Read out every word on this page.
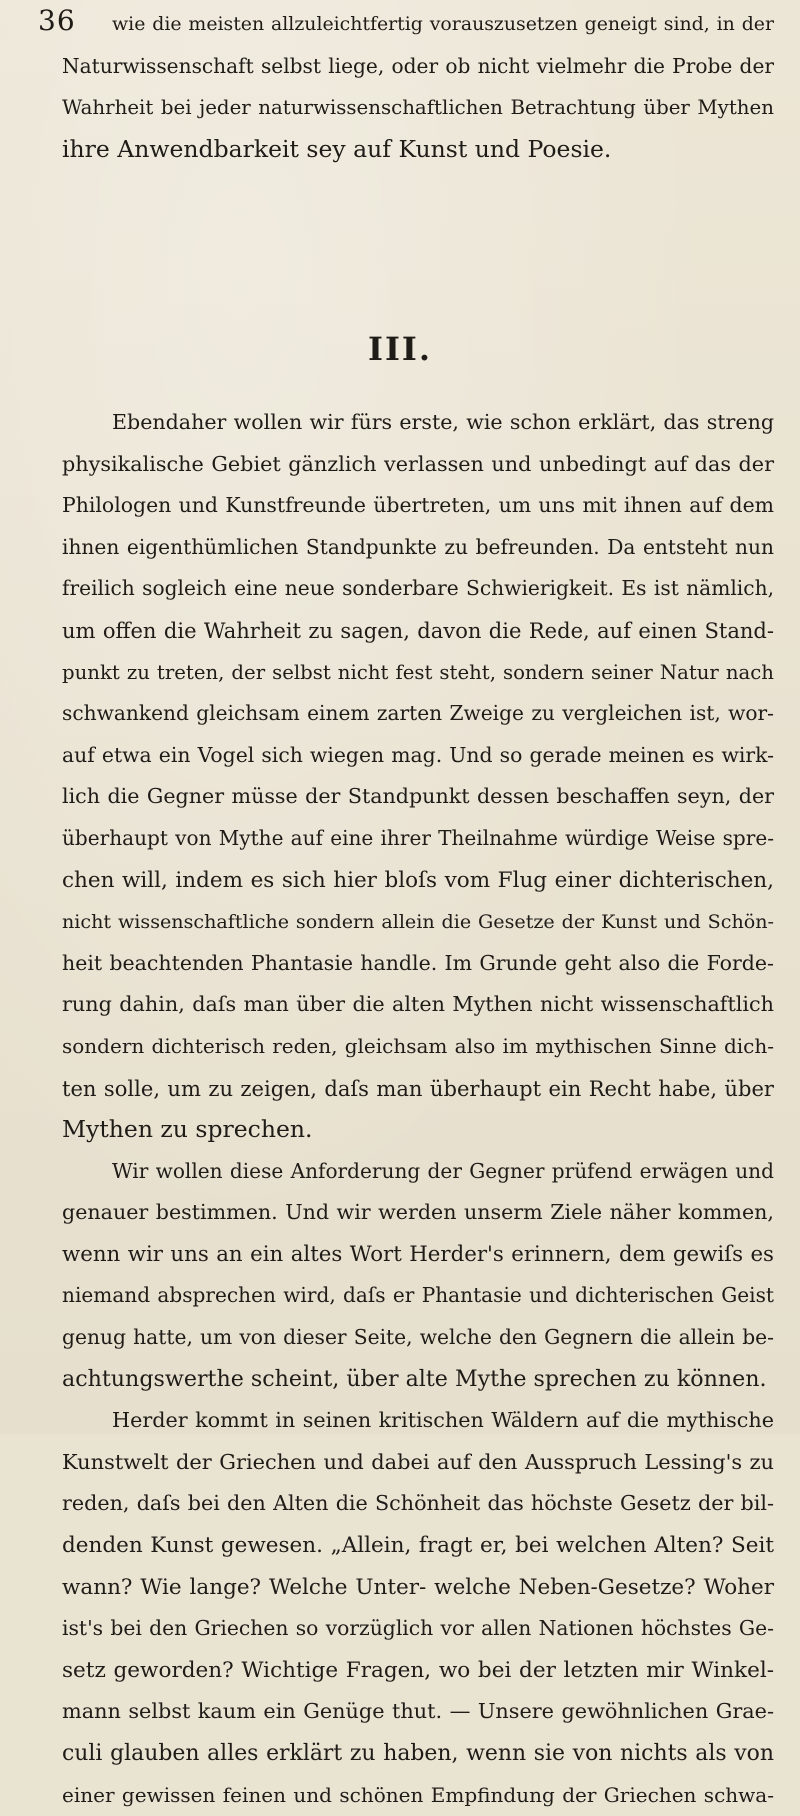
36	wie die meisten allzuleichtfertig vorauszusetzen geneigt sind, in der
Naturwissenschaft selbst liege, oder ob nicht vielmehr die Probe der
Wahrheit bei jeder naturwissenschaftlichen Betrachtung über Mythen
ihre Anwendbarkeit sey auf Kunst und Poesie.
III.
Ebendaher wollen wir fürs erste, wie schon erklärt, das streng
physikalische Gebiet gänzlich verlassen und unbedingt auf das der
Philologen und Kunstfreunde übertreten, um uns mit ihnen auf dem
ihnen eigenthümlichen Standpunkte zu befreunden. Da entsteht nun
freilich sogleich eine neue sonderbare Schwierigkeit. Es ist nämlich,
um offen die Wahrheit zu sagen, davon die Rede, auf einen Stand-
punkt zu treten, der selbst nicht fest steht, sondern seiner Natur nach
schwankend gleichsam einem zarten Zweige zu vergleichen ist, wor-
auf etwa ein Vogel sich wiegen mag. Und so gerade meinen es wirk-
lich die Gegner müsse der Standpunkt dessen beschaffen seyn, der
überhaupt von Mythe auf eine ihrer Theilnahme würdige Weise spre-
chen will, indem es sich hier bloſs vom Flug einer dichterischen,
nicht wissenschaftliche sondern allein die Gesetze der Kunst und Schön-
heit beachtenden Phantasie handle. Im Grunde geht also die Forde-
rung dahin, daſs man über die alten Mythen nicht wissenschaftlich
sondern dichterisch reden, gleichsam also im mythischen Sinne dich-
ten solle, um zu zeigen, daſs man überhaupt ein Recht habe, über
Mythen zu sprechen.
Wir wollen diese Anforderung der Gegner prüfend erwägen und
genauer bestimmen. Und wir werden unserm Ziele näher kommen,
wenn wir uns an ein altes Wort Herder's erinnern, dem gewiſs es
niemand absprechen wird, daſs er Phantasie und dichterischen Geist
genug hatte, um von dieser Seite, welche den Gegnern die allein be-
achtungswerthe scheint, über alte Mythe sprechen zu können.
Herder kommt in seinen kritischen Wäldern auf die mythische
Kunstwelt der Griechen und dabei auf den Ausspruch Lessing's zu
reden, daſs bei den Alten die Schönheit das höchste Gesetz der bil-
denden Kunst gewesen. „Allein, fragt er, bei welchen Alten? Seit
wann? Wie lange? Welche Unter- welche Neben-Gesetze? Woher
ist's bei den Griechen so vorzüglich vor allen Nationen höchstes Ge-
setz geworden? Wichtige Fragen, wo bei der letzten mir Winkel-
mann selbst kaum ein Genüge thut. — Unsere gewöhnlichen Grae-
culi glauben alles erklärt zu haben, wenn sie von nichts als von
einer gewissen feinen und schönen Empfindung der Griechen schwa-
